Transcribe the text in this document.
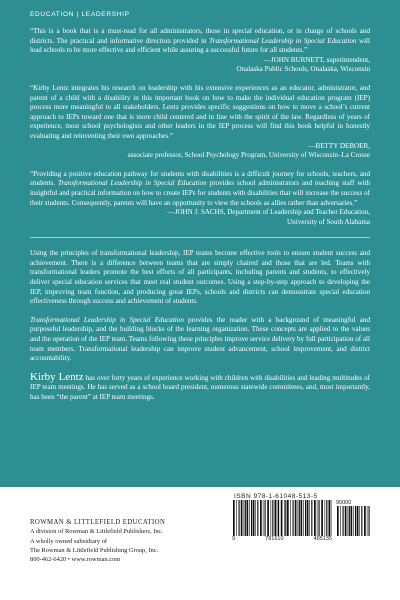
EDUCATION | LEADERSHIP

“This is a book that is a must-read for all administrators, those in special education, or in charge of schools and districts. The practical and informative direction provided in Transformational Leadership in Special Education will lead schools to be more effective and efficient while assuring a successful future for all students.”
—JOHN BURNETT, superintendent,
Onalaska Public Schools, Onalaska, Wisconsin

“Kirby Lentz integrates his research on leadership with his extensive experiences as an educator, administrator, and parent of a child with a disability in this important book on how to make the individual education program (IEP) process more meaningful to all stakeholders. Lentz provides specific suggestions on how to move a school’s current approach to IEPs toward one that is more child centered and in line with the spirit of the law. Regardless of years of experience, most school psychologists and other leaders in the IEP process will find this book helpful in honestly evaluating and reinventing their own approaches.”
—BETTY DEBOER,
associate professor, School Psychology Program, University of Wisconsin–La Crosse

“Providing a positive education pathway for students with disabilities is a difficult journey for schools, teachers, and students. Transformational Leadership in Special Education provides school administrators and teaching staff with insightful and practical information on how to create IEPs for students with disabilities that will increase the success of their students. Consequently, parents will have an opportunity to view the schools as allies rather than adversaries.”
—JOHN J. SACHS, Department of Leadership and Teacher Education,
University of South Alabama

Using the principles of transformational leadership, IEP teams become effective tools to ensure student success and achievement. There is a difference between teams that are simply chaired and those that are led. Teams with transformational leaders promote the best efforts of all participants, including parents and students, to effectively deliver special education services that meet real student outcomes. Using a step-by-step approach to developing the IEP, improving team function, and producing great IEPs, schools and districts can demonstrate special education effectiveness through success and achievement of students.

Transformational Leadership in Special Education provides the reader with a background of meaningful and purposeful leadership, and the building blocks of the learning organization. These concepts are applied to the values and the operation of the IEP team. Teams following these principles improve service delivery by full participation of all team members. Transformational leadership can improve student advancement, school improvement, and district accountability.

Kirby Lentz has over forty years of experience working with children with disabilities and leading multitudes of IEP team meetings. He has served as a school board president, numerous statewide committees, and, most importantly, has been “the parent” at IEP team meetings.
ROWMAN & LITTLEFIELD EDUCATION
A division of Rowman & Littlefield Publishers, Inc.
A wholly owned subsidiary of
The Rowman & Littlefield Publishing Group, Inc.
800-462-6420 • www.rowman.com
ISBN 978-1-61048-513-5
9	781610	485135
90000
